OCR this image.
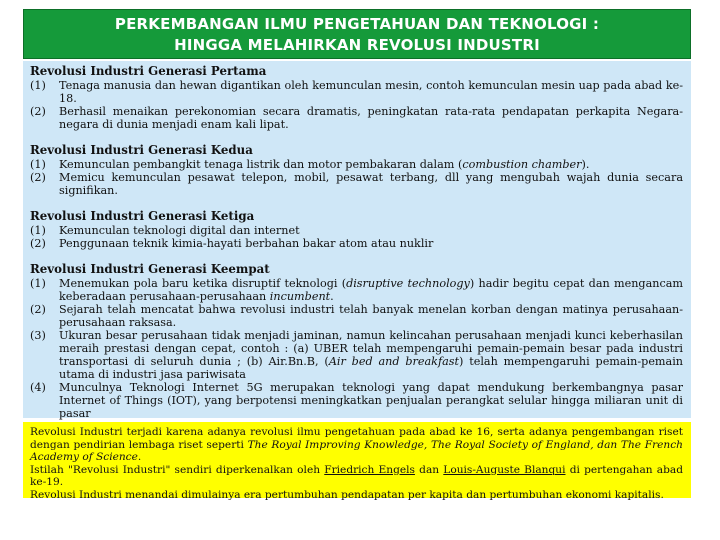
PERKEMBANGAN ILMU PENGETAHUAN DAN TEKNOLOGI :
HINGGA MELAHIRKAN REVOLUSI INDUSTRI
Revolusi Industri Generasi Pertama
(1)	Tenaga manusia dan hewan digantikan oleh kemunculan mesin, contoh kemunculan mesin uap pada abad ke-18.
(2)	Berhasil menaikan perekonomian secara dramatis, peningkatan rata-rata pendapatan perkapita Negara-negara di dunia menjadi enam kali lipat.
Revolusi Industri Generasi Kedua
(1)	Kemunculan pembangkit tenaga listrik dan motor pembakaran dalam (combustion chamber).
(2)	Memicu kemunculan pesawat telepon, mobil, pesawat terbang, dll yang mengubah wajah dunia secara signifikan.
Revolusi Industri Generasi Ketiga
(1)	Kemunculan teknologi digital dan internet
(2)	Penggunaan teknik kimia-hayati berbahan bakar atom atau nuklir
Revolusi Industri Generasi Keempat
(1)	Menemukan pola baru ketika disruptif teknologi (disruptive technology) hadir begitu cepat dan mengancam keberadaan perusahaan-perusahaan incumbent.
(2)	Sejarah telah mencatat bahwa revolusi industri telah banyak menelan korban dengan matinya perusahaan-perusahaan raksasa.
(3)	Ukuran besar perusahaan tidak menjadi jaminan, namun kelincahan perusahaan menjadi kunci keberhasilan meraih prestasi dengan cepat, contoh : (a) UBER telah mempengaruhi pemain-pemain besar pada industri transportasi di seluruh dunia ; (b) Air.Bn.B, (Air bed and breakfast) telah mempengaruhi pemain-pemain utama di industri jasa pariwisata
(4)	Munculnya Teknologi Internet 5G merupakan teknologi yang dapat mendukung berkembangnya pasar Internet of Things (IOT), yang berpotensi meningkatkan penjualan perangkat selular hingga miliaran unit di pasar
Revolusi Industri terjadi karena adanya revolusi ilmu pengetahuan pada abad ke 16, serta adanya pengembangan riset dengan pendirian lembaga riset seperti The Royal Improving Knowledge, The Royal Society of England, dan The French Academy of Science.
Istilah "Revolusi Industri" sendiri diperkenalkan oleh Friedrich Engels dan Louis-Auguste Blanqui di pertengahan abad ke-19.
Revolusi Industri menandai dimulainya era pertumbuhan pendapatan per kapita dan pertumbuhan ekonomi kapitalis.
